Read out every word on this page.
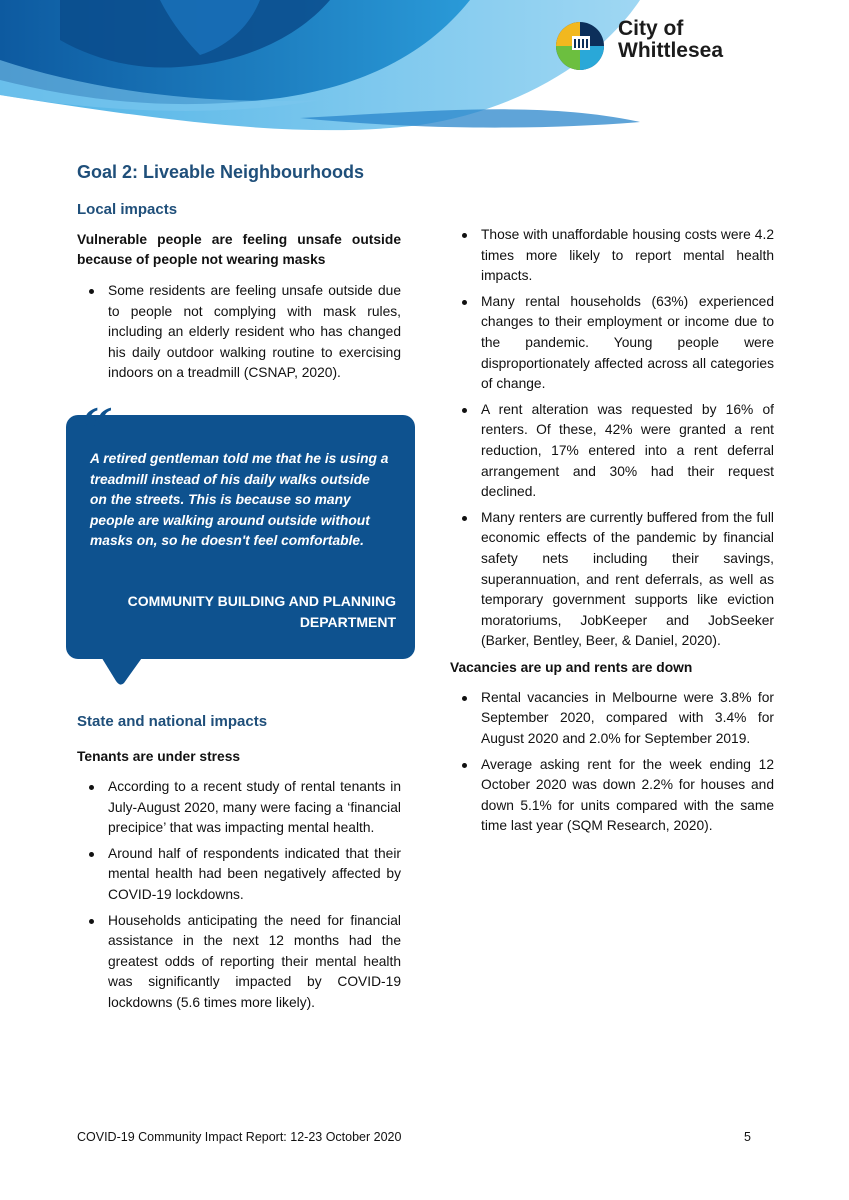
City of
Whittlesea
Goal 2: Liveable Neighbourhoods
Local impacts
Vulnerable people are feeling unsafe outside because of people not wearing masks
Some residents are feeling unsafe outside due to people not complying with mask rules, including an elderly resident who has changed his daily outdoor walking routine to exercising indoors on a treadmill (CSNAP, 2020).
“
A retired gentleman told me that he is using a treadmill instead of his daily walks outside on the streets. This is because so many people are walking around outside without masks on, so he doesn't feel comfortable.
COMMUNITY BUILDING AND PLANNING DEPARTMENT
State and national impacts
Tenants are under stress
According to a recent study of rental tenants in July-August 2020, many were facing a ‘financial precipice’ that was impacting mental health.
Around half of respondents indicated that their mental health had been negatively affected by COVID-19 lockdowns.
Households anticipating the need for financial assistance in the next 12 months had the greatest odds of reporting their mental health was significantly impacted by COVID-19 lockdowns (5.6 times more likely).
Those with unaffordable housing costs were 4.2 times more likely to report mental health impacts.
Many rental households (63%) experienced changes to their employment or income due to the pandemic. Young people were disproportionately affected across all categories of change.
A rent alteration was requested by 16% of renters. Of these, 42% were granted a rent reduction, 17% entered into a rent deferral arrangement and 30% had their request declined.
Many renters are currently buffered from the full economic effects of the pandemic by financial safety nets including their savings, superannuation, and rent deferrals, as well as temporary government supports like eviction moratoriums, JobKeeper and JobSeeker (Barker, Bentley, Beer, & Daniel, 2020).
Vacancies are up and rents are down
Rental vacancies in Melbourne were 3.8% for September 2020, compared with 3.4% for August 2020 and 2.0% for September 2019.
Average asking rent for the week ending 12 October 2020 was down 2.2% for houses and down 5.1% for units compared with the same time last year (SQM Research, 2020).
COVID-19 Community Impact Report: 12-23 October 2020	5
